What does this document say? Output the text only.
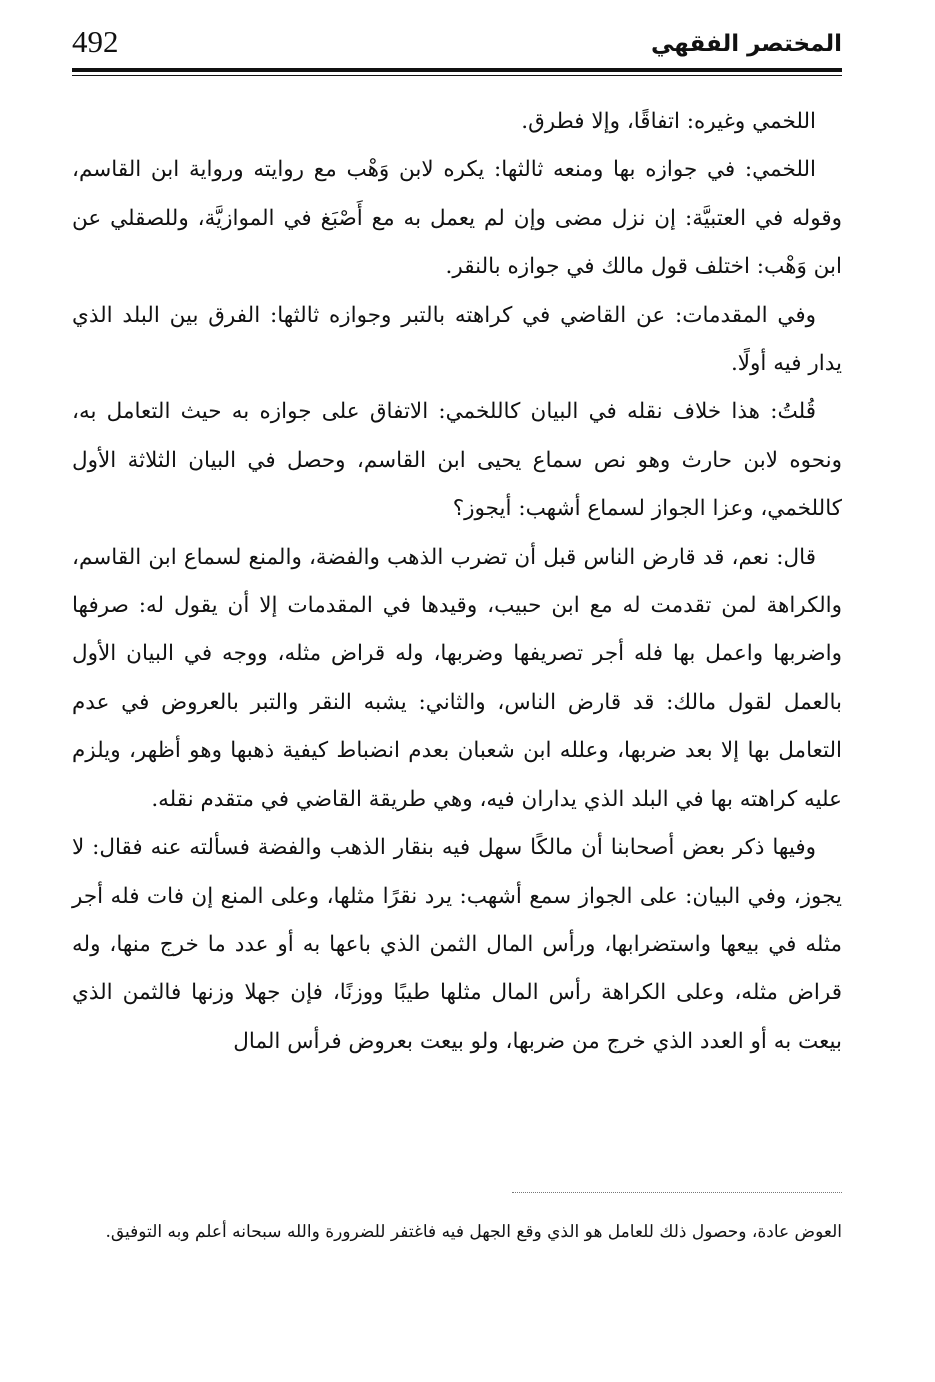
492	المختصر الفقهي

اللخمي وغيره: اتفاقًا، وإلا فطرق.

اللخمي: في جوازه بها ومنعه ثالثها: يكره لابن وَهْب مع روايته ورواية ابن القاسم، وقوله في العتبيَّة: إن نزل مضى وإن لم يعمل به مع أَصْبَغ في الموازيَّة، وللصقلي عن ابن وَهْب: اختلف قول مالك في جوازه بالنقر.

وفي المقدمات: عن القاضي في كراهته بالتبر وجوازه ثالثها: الفرق بين البلد الذي يدار فيه أولًا.

قُلتُ: هذا خلاف نقله في البيان كاللخمي: الاتفاق على جوازه به حيث التعامل به، ونحوه لابن حارث وهو نص سماع يحيى ابن القاسم، وحصل في البيان الثلاثة الأول كاللخمي، وعزا الجواز لسماع أشهب: أيجوز؟

قال: نعم، قد قارض الناس قبل أن تضرب الذهب والفضة، والمنع لسماع ابن القاسم، والكراهة لمن تقدمت له مع ابن حبيب، وقيدها في المقدمات إلا أن يقول له: صرفها واضربها واعمل بها فله أجر تصريفها وضربها، وله قراض مثله، ووجه في البيان الأول بالعمل لقول مالك: قد قارض الناس، والثاني: يشبه النقر والتبر بالعروض في عدم التعامل بها إلا بعد ضربها، وعلله ابن شعبان بعدم انضباط كيفية ذهبها وهو أظهر، ويلزم عليه كراهته بها في البلد الذي يداران فيه، وهي طريقة القاضي في متقدم نقله.

وفيها ذكر بعض أصحابنا أن مالكًا سهل فيه بنقار الذهب والفضة فسألته عنه فقال: لا يجوز، وفي البيان: على الجواز سمع أشهب: يرد نقرًا مثلها، وعلى المنع إن فات فله أجر مثله في بيعها واستضرابها، ورأس المال الثمن الذي باعها به أو عدد ما خرج منها، وله قراض مثله، وعلى الكراهة رأس المال مثلها طيبًا ووزنًا، فإن جهلا وزنها فالثمن الذي بيعت به أو العدد الذي خرج من ضربها، ولو بيعت بعروض فرأس المال

العوض عادة، وحصول ذلك للعامل هو الذي وقع الجهل فيه فاغتفر للضرورة والله سبحانه أعلم وبه التوفيق.
